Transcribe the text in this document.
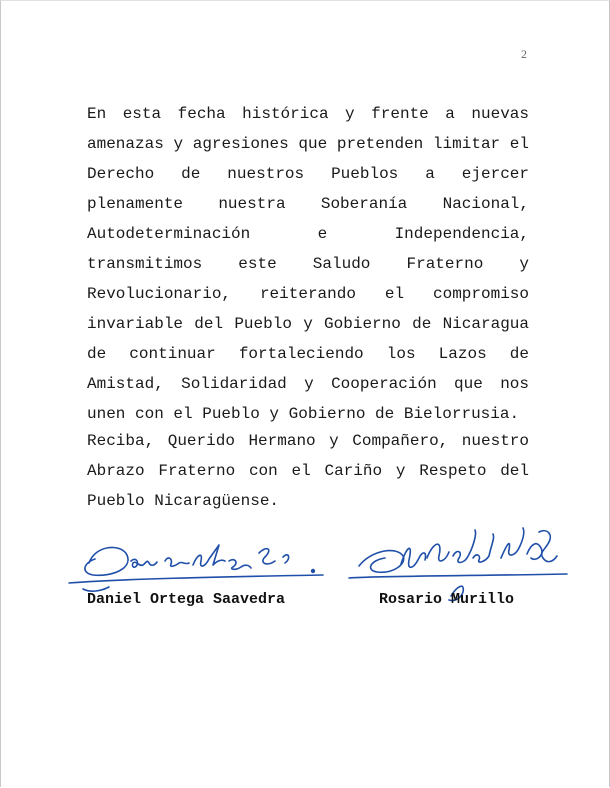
2

En esta fecha histórica y frente a nuevas amenazas y agresiones que pretenden limitar el Derecho de nuestros Pueblos a ejercer plenamente nuestra Soberanía Nacional, Autodeterminación e Independencia, transmitimos este Saludo Fraterno y Revolucionario, reiterando el compromiso invariable del Pueblo y Gobierno de Nicaragua de continuar fortaleciendo los Lazos de Amistad, Solidaridad y Cooperación que nos unen con el Pueblo y Gobierno de Bielorrusia.

Reciba, Querido Hermano y Compañero, nuestro Abrazo Fraterno con el Cariño y Respeto del Pueblo Nicaragüense.

Daniel Ortega Saavedra	Rosario Murillo
